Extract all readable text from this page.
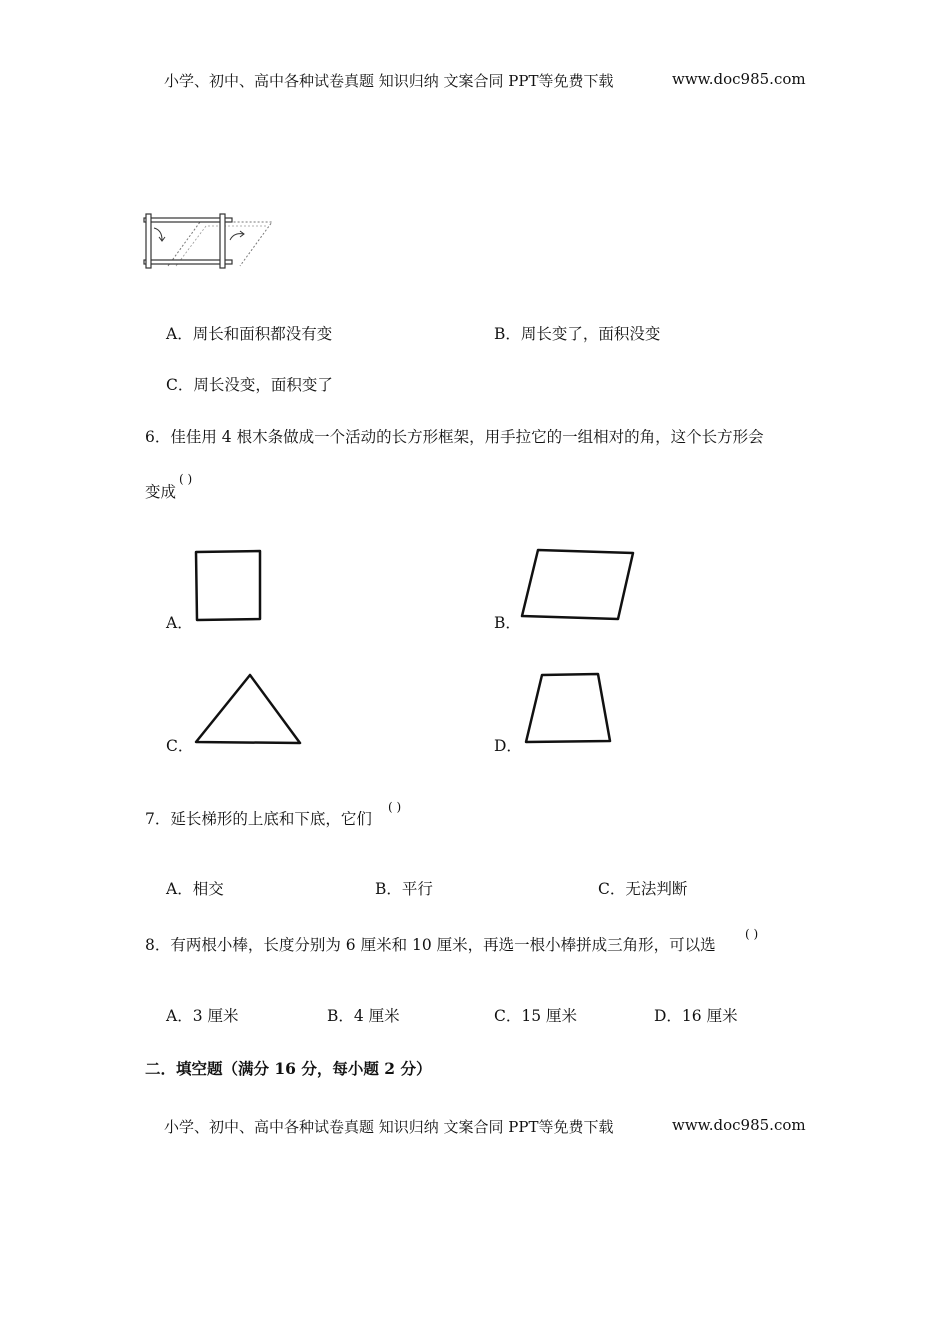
小学、初中、高中各种试卷真题 知识归纳 文案合同 PPT等免费下载	www.doc985.com
A．周长和面积都没有变	B．周长变了，面积没变
C．周长没变，面积变了
6．佳佳用 4 根木条做成一个活动的长方形框架，用手拉它的一组相对的角，这个长方形会
变成
( )
A．	B．
C．	D．
7．延长梯形的上底和下底，它们
( )
A．相交	B．平行	C．无法判断
8．有两根小棒，长度分别为 6 厘米和 10 厘米，再选一根小棒拼成三角形，可以选
( )
A．3 厘米	B．4 厘米	C．15 厘米	D．16 厘米
二．填空题（满分 16 分，每小题 2 分）
小学、初中、高中各种试卷真题 知识归纳 文案合同 PPT等免费下载	www.doc985.com
